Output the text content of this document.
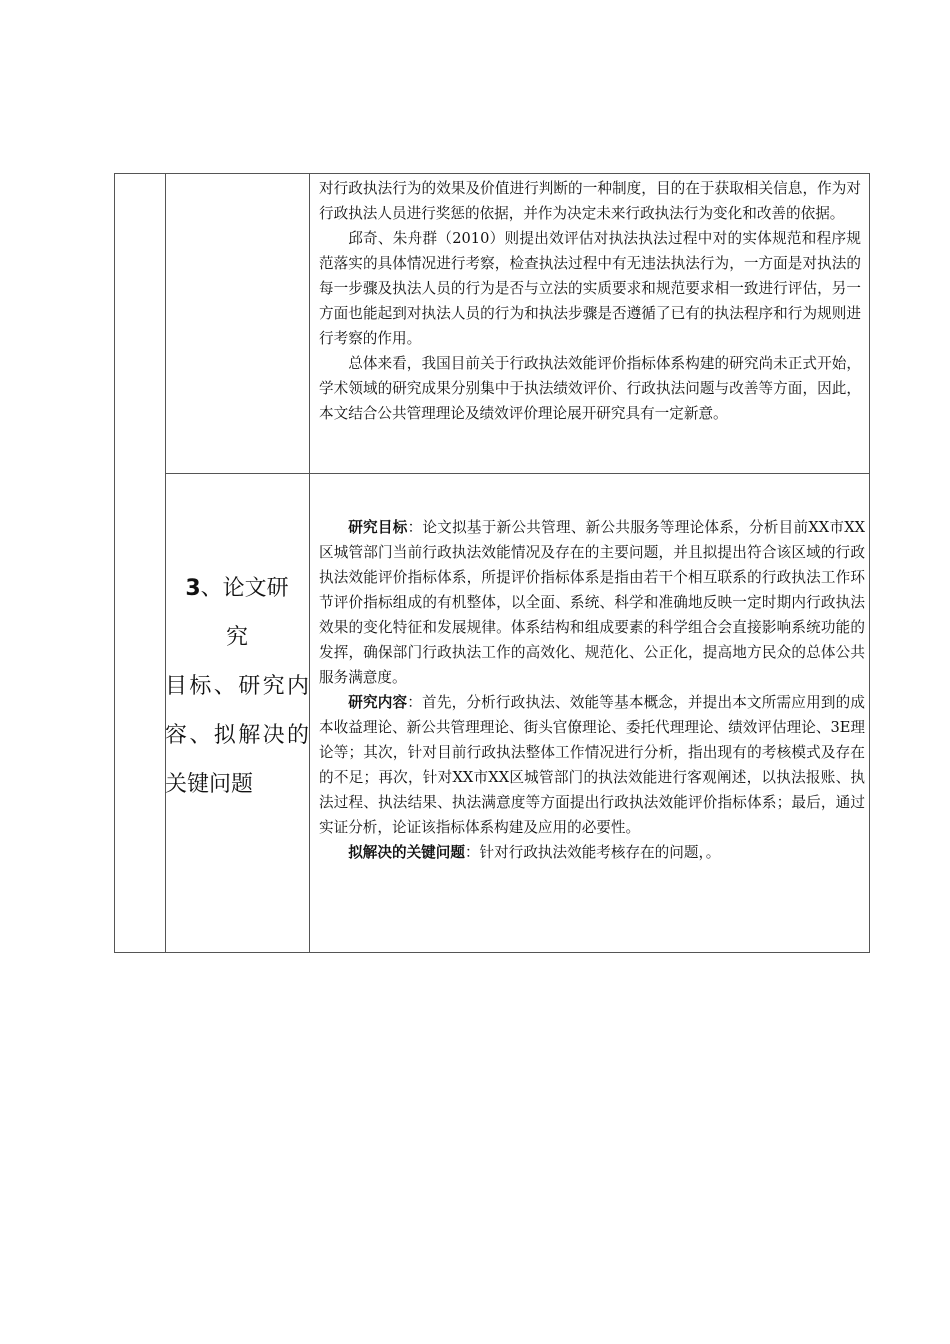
对行政执法行为的效果及价值进行判断的一种制度，目的在于获取相关信息，作为对行政执法人员进行奖惩的依据，并作为决定未来行政执法行为变化和改善的依据。

邱奇、朱舟群（2010）则提出效评估对执法执法过程中对的实体规范和程序规范落实的具体情况进行考察，检查执法过程中有无违法执法行为，一方面是对执法的每一步骤及执法人员的行为是否与立法的实质要求和规范要求相一致进行评估，另一方面也能起到对执法人员的行为和执法步骤是否遵循了已有的执法程序和行为规则进行考察的作用。

总体来看，我国目前关于行政执法效能评价指标体系构建的研究尚未正式开始，学术领域的研究成果分别集中于执法绩效评价、行政执法问题与改善等方面，因此，本文结合公共管理理论及绩效评价理论展开研究具有一定新意。

3、论文研
究
目标、研究内容、拟解决的关键问题

研究目标：论文拟基于新公共管理、新公共服务等理论体系，分析目前XX市XX区城管部门当前行政执法效能情况及存在的主要问题，并且拟提出符合该区域的行政执法效能评价指标体系，所提评价指标体系是指由若干个相互联系的行政执法工作环节评价指标组成的有机整体，以全面、系统、科学和准确地反映一定时期内行政执法效果的变化特征和发展规律。体系结构和组成要素的科学组合会直接影响系统功能的发挥，确保部门行政执法工作的高效化、规范化、公正化，提高地方民众的总体公共服务满意度。

研究内容：首先，分析行政执法、效能等基本概念，并提出本文所需应用到的成本收益理论、新公共管理理论、街头官僚理论、委托代理理论、绩效评估理论、3E理论等；其次，针对目前行政执法整体工作情况进行分析，指出现有的考核模式及存在的不足；再次，针对XX市XX区城管部门的执法效能进行客观阐述，以执法报账、执法过程、执法结果、执法满意度等方面提出行政执法效能评价指标体系；最后，通过实证分析，论证该指标体系构建及应用的必要性。

拟解决的关键问题：针对行政执法效能考核存在的问题，。
